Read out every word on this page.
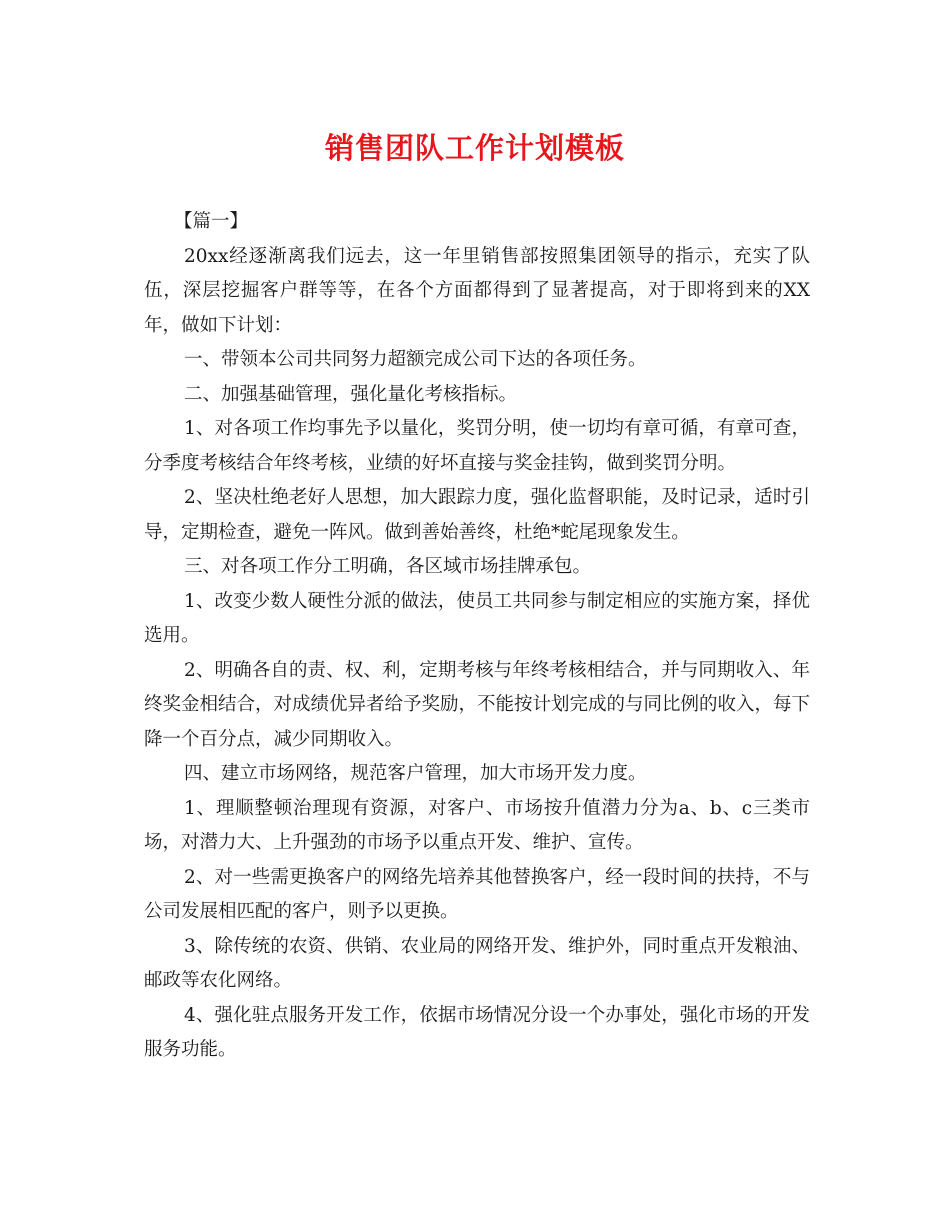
销售团队工作计划模板

【篇一】

20xx经逐渐离我们远去，这一年里销售部按照集团领导的指示，充实了队伍，深层挖掘客户群等等，在各个方面都得到了显著提高，对于即将到来的XX年，做如下计划：

一、带领本公司共同努力超额完成公司下达的各项任务。

二、加强基础管理，强化量化考核指标。

1、对各项工作均事先予以量化，奖罚分明，使一切均有章可循，有章可查，分季度考核结合年终考核，业绩的好坏直接与奖金挂钩，做到奖罚分明。

2、坚决杜绝老好人思想，加大跟踪力度，强化监督职能，及时记录，适时引导，定期检查，避免一阵风。做到善始善终，杜绝*蛇尾现象发生。

三、对各项工作分工明确，各区域市场挂牌承包。

1、改变少数人硬性分派的做法，使员工共同参与制定相应的实施方案，择优选用。

2、明确各自的责、权、利，定期考核与年终考核相结合，并与同期收入、年终奖金相结合，对成绩优异者给予奖励，不能按计划完成的与同比例的收入，每下降一个百分点，减少同期收入。

四、建立市场网络，规范客户管理，加大市场开发力度。

1、理顺整顿治理现有资源，对客户、市场按升值潜力分为a、b、c三类市场，对潜力大、上升强劲的市场予以重点开发、维护、宣传。

2、对一些需更换客户的网络先培养其他替换客户，经一段时间的扶持，不与公司发展相匹配的客户，则予以更换。

3、除传统的农资、供销、农业局的网络开发、维护外，同时重点开发粮油、邮政等农化网络。

4、强化驻点服务开发工作，依据市场情况分设一个办事处，强化市场的开发服务功能。
